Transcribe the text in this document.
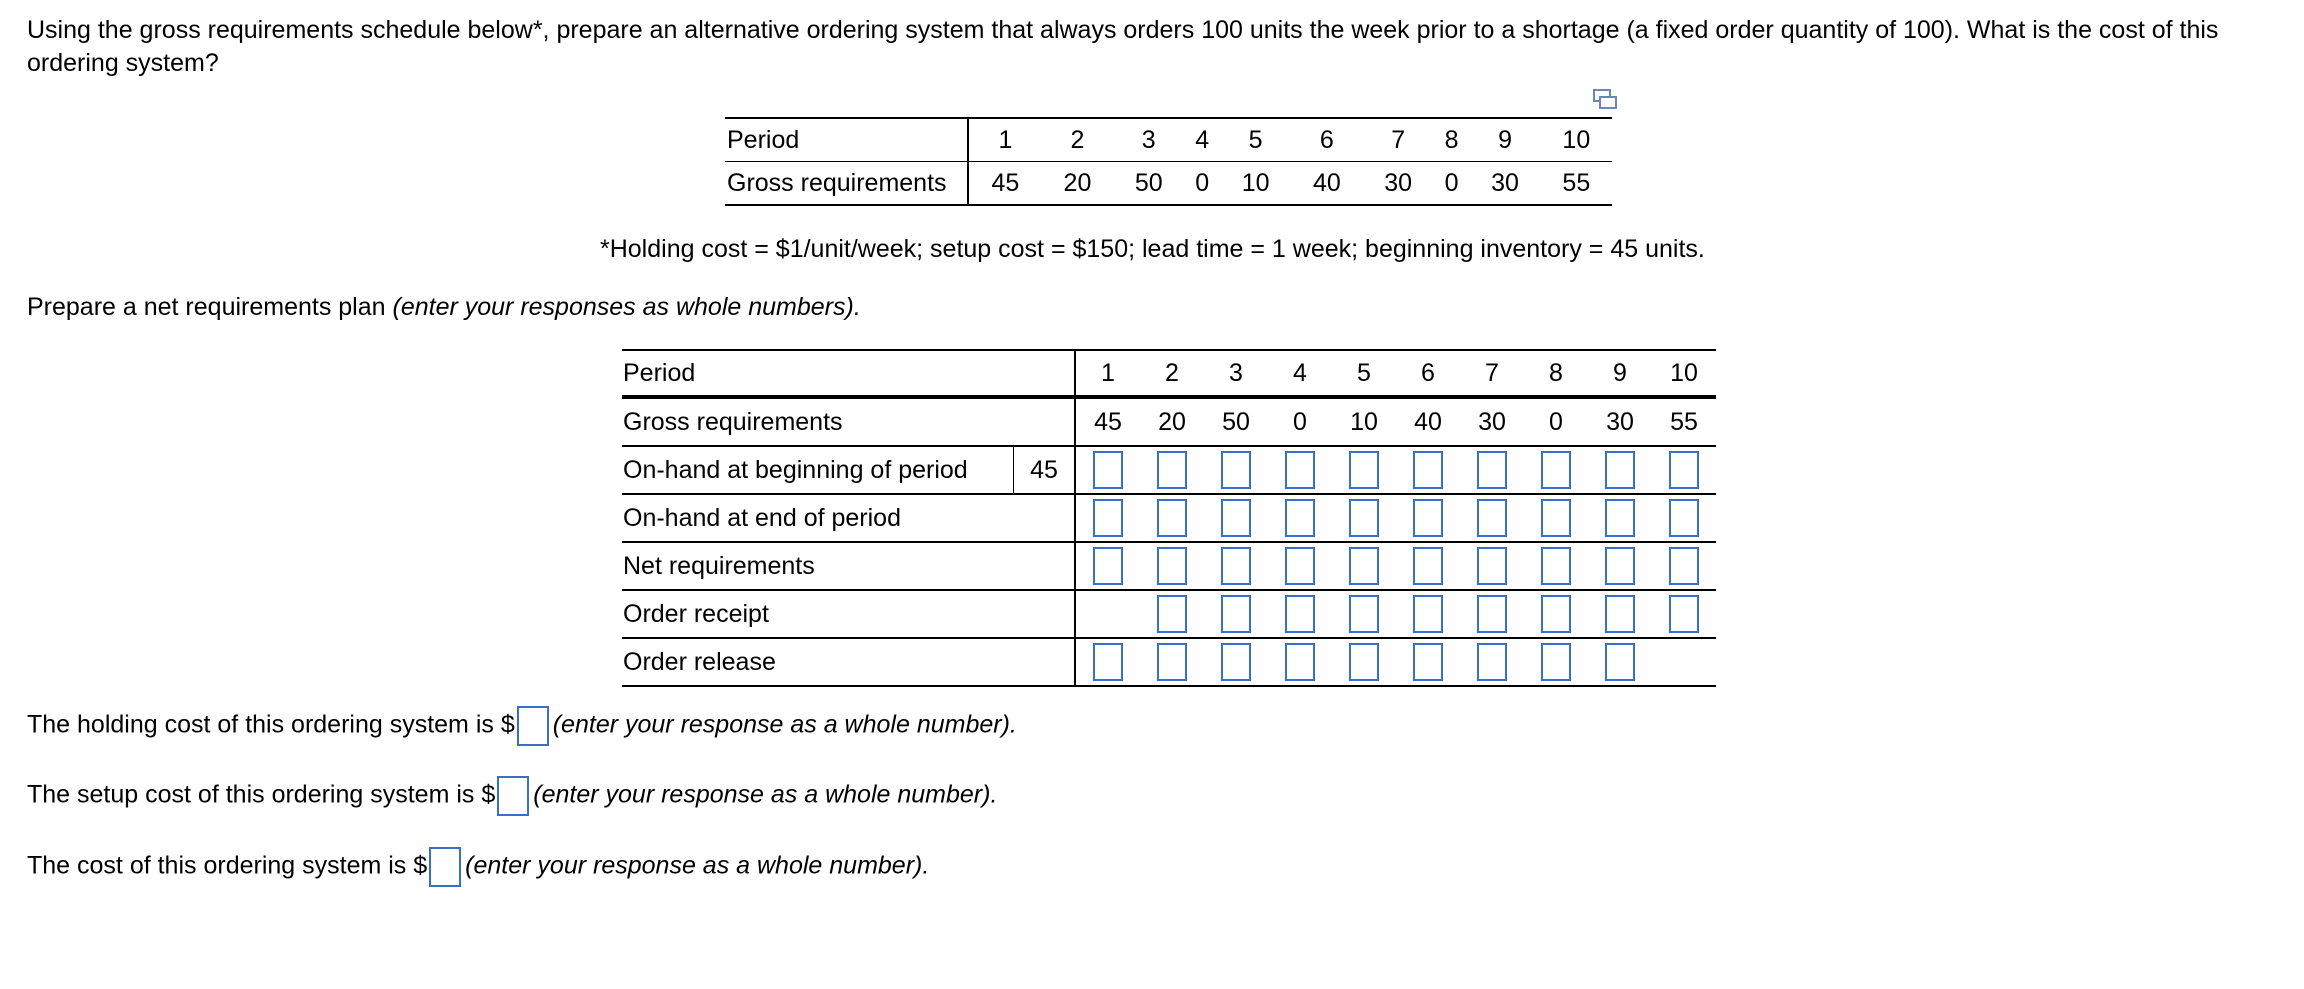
Using the gross requirements schedule below*, prepare an alternative ordering system that always orders 100 units the week prior to a shortage (a fixed order quantity of 100). What is the cost of this ordering system?
Period	1	2	3	4	5	6	7	8	9	10
Gross requirements	45	20	50	0	10	40	30	0	30	55
*Holding cost = $1/unit/week; setup cost = $150; lead time = 1 week; beginning inventory = 45 units.
Prepare a net requirements plan (enter your responses as whole numbers).
Period		1	2	3	4	5	6	7	8	9	10
Gross requirements		45	20	50	0	10	40	30	0	30	55
On-hand at beginning of period	45										
On-hand at end of period											
Net requirements											
Order receipt											
Order release											
The holding cost of this ordering system is $ (enter your response as a whole number).
The setup cost of this ordering system is $ (enter your response as a whole number).
The cost of this ordering system is $ (enter your response as a whole number).
